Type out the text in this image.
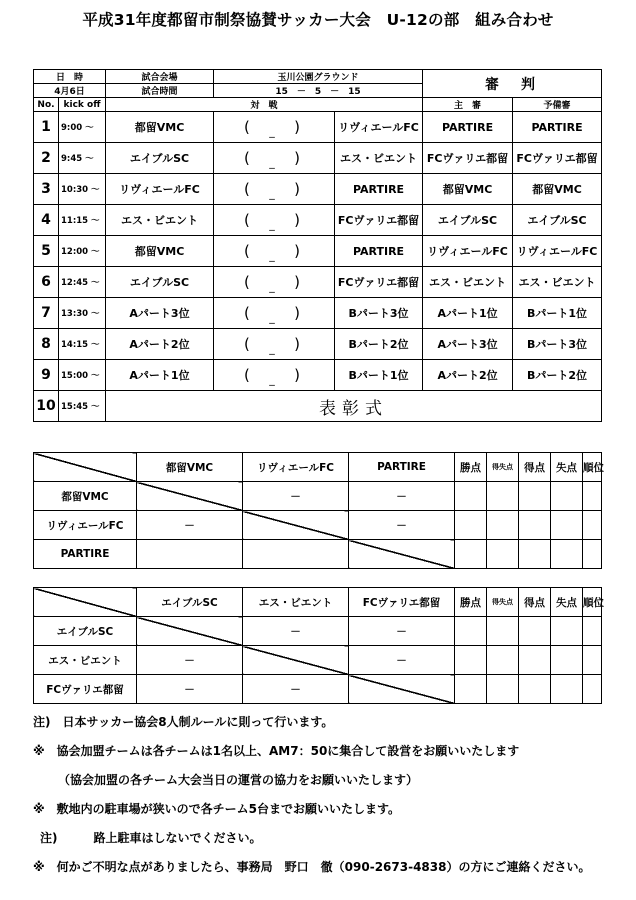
平成31年度都留市制祭協賛サッカー大会　U-12の部　組み合わせ
日　時		試合会場	玉川公園グラウンド		審　判	
4月6日		試合時間	15　－　5　－　15			
No.	kick off	対　戦			主　審	予備審
1	9:00 ～	都留VMC	( _ )	リヴィエールFC	PARTIRE	PARTIRE
2	9:45 ～	エイブルSC	( _ )	エス・ビエント	FCヴァリエ都留	FCヴァリエ都留
3	10:30 ～	リヴィエールFC	( _ )	PARTIRE	都留VMC	都留VMC
4	11:15 ～	エス・ビエント	( _ )	FCヴァリエ都留	エイブルSC	エイブルSC
5	12:00 ～	都留VMC	( _ )	PARTIRE	リヴィエールFC	リヴィエールFC
6	12:45 ～	エイブルSC	( _ )	FCヴァリエ都留	エス・ビエント	エス・ビエント
7	13:30 ～	Aパート3位	( _ )	Bパート3位	Aパート1位	Bパート1位
8	14:15 ～	Aパート2位	( _ )	Bパート2位	Aパート3位	Bパート3位
9	15:00 ～	Aパート1位	( _ )	Bパート1位	Aパート2位	Bパート2位
10	15:45 ～	表彰式				
	都留VMC	リヴィエールFC	PARTIRE	勝点	得失点	得点	失点	順位
都留VMC		－	－					
リヴィエールFC	－		－					
PARTIRE								
	エイブルSC	エス・ビエント	FCヴァリエ都留	勝点	得失点	得点	失点	順位
エイブルSC		－	－					
エス・ビエント	－		－					
FCヴァリエ都留	－	－						
注)　日本サッカー協会8人制ルールに則って行います。
※　協会加盟チームは各チームは1名以上、AM7：50に集合して設営をお願いいたします
（協会加盟の各チーム大会当日の運営の協力をお願いいたします）
※　敷地内の駐車場が狭いので各チーム5台までお願いいたします。
注)　　　路上駐車はしないでください。
※　何かご不明な点がありましたら、事務局　野口　徹（090-2673-4838）の方にご連絡ください。
